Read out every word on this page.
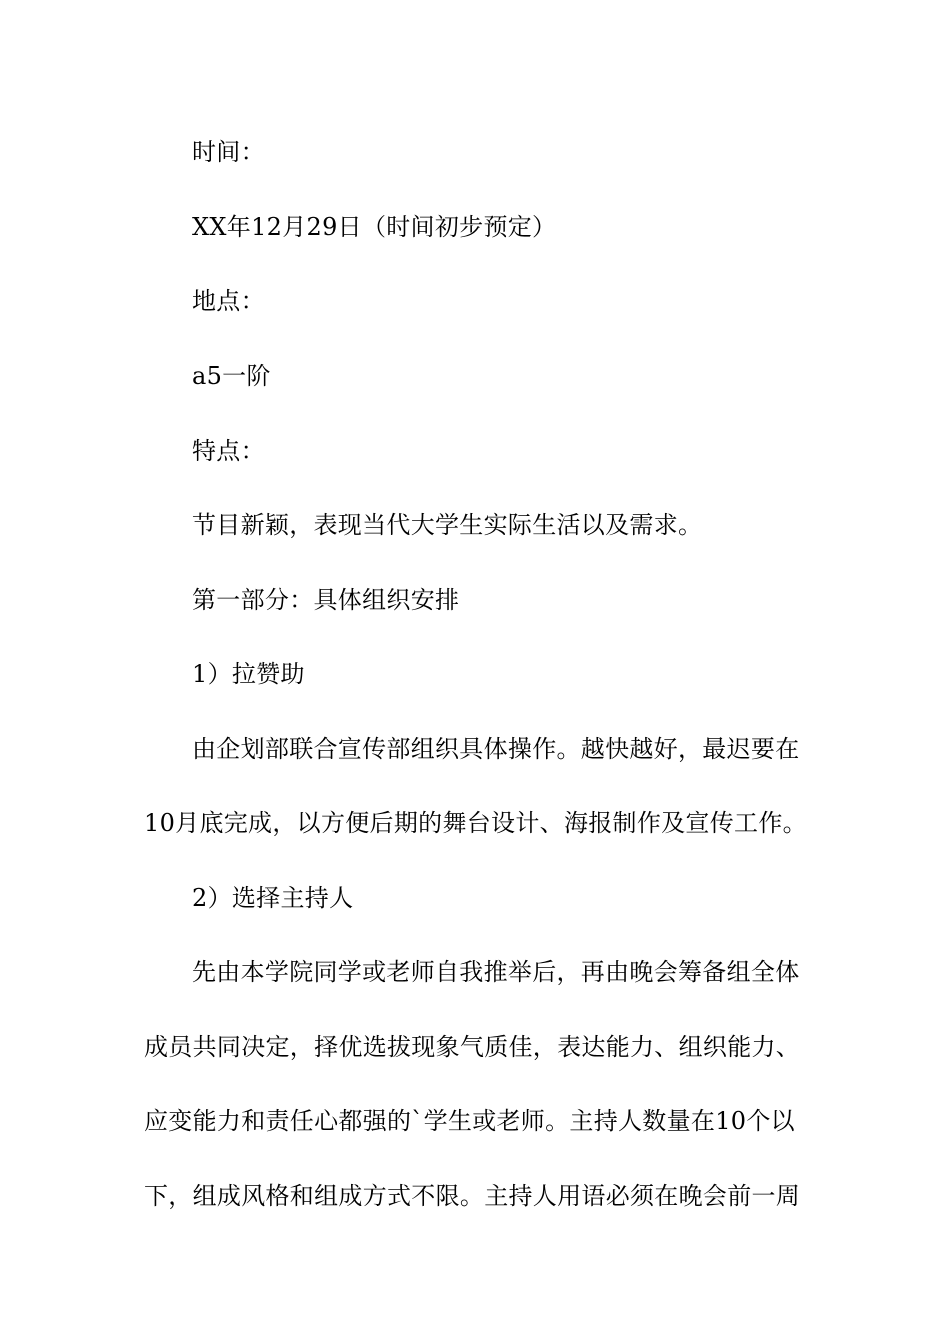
时间：
XX年12月29日（时间初步预定）
地点：
a5一阶
特点：
节目新颖，表现当代大学生实际生活以及需求。
第一部分：具体组织安排
1）拉赞助
由企划部联合宣传部组织具体操作。越快越好，最迟要在
10月底完成，以方便后期的舞台设计、海报制作及宣传工作。
2）选择主持人
先由本学院同学或老师自我推举后，再由晚会筹备组全体
成员共同决定，择优选拔现象气质佳，表达能力、组织能力、
应变能力和责任心都强的`学生或老师。主持人数量在10个以
下，组成风格和组成方式不限。主持人用语必须在晚会前一周
